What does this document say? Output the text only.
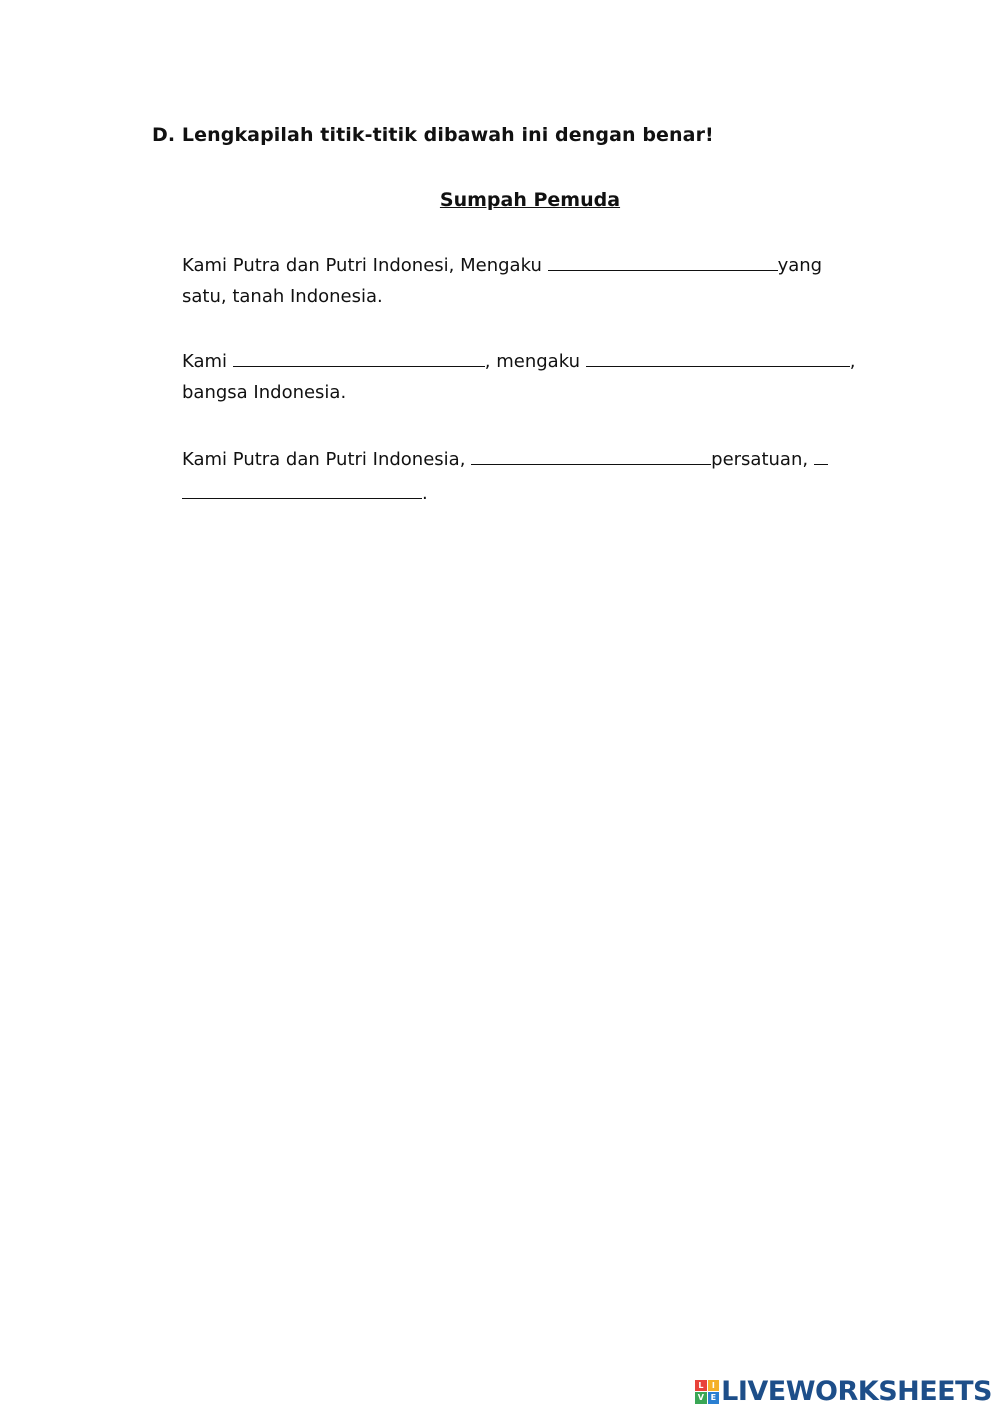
D. Lengkapilah titik-titik dibawah ini dengan benar!
Sumpah Pemuda
Kami Putra dan Putri Indonesi, Mengaku	yang
satu, tanah Indonesia.
Kami	, mengaku	,
bangsa Indonesia.
Kami Putra dan Putri Indonesia,	persatuan,
.
L	I
V E LIVEWORKSHEETS
